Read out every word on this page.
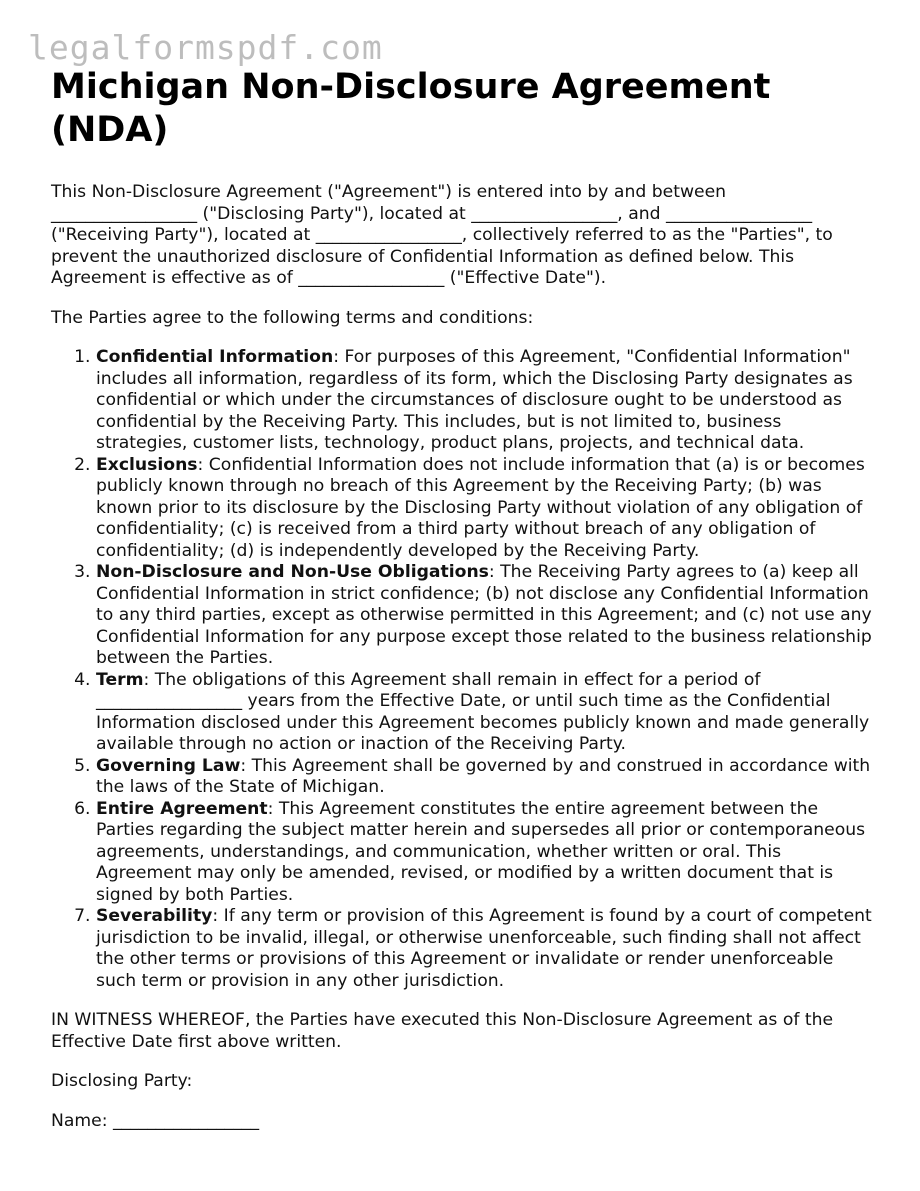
legalformspdf.com
Michigan Non-Disclosure Agreement (NDA)

This Non-Disclosure Agreement ("Agreement") is entered into by and between _________________ ("Disclosing Party"), located at _________________, and _________________ ("Receiving Party"), located at _________________, collectively referred to as the "Parties", to prevent the unauthorized disclosure of Confidential Information as defined below. This Agreement is effective as of _________________ ("Effective Date").

The Parties agree to the following terms and conditions:

1. Confidential Information: For purposes of this Agreement, "Confidential Information" includes all information, regardless of its form, which the Disclosing Party designates as confidential or which under the circumstances of disclosure ought to be understood as confidential by the Receiving Party. This includes, but is not limited to, business strategies, customer lists, technology, product plans, projects, and technical data.
2. Exclusions: Confidential Information does not include information that (a) is or becomes publicly known through no breach of this Agreement by the Receiving Party; (b) was known prior to its disclosure by the Disclosing Party without violation of any obligation of confidentiality; (c) is received from a third party without breach of any obligation of confidentiality; (d) is independently developed by the Receiving Party.
3. Non-Disclosure and Non-Use Obligations: The Receiving Party agrees to (a) keep all Confidential Information in strict confidence; (b) not disclose any Confidential Information to any third parties, except as otherwise permitted in this Agreement; and (c) not use any Confidential Information for any purpose except those related to the business relationship between the Parties.
4. Term: The obligations of this Agreement shall remain in effect for a period of _________________ years from the Effective Date, or until such time as the Confidential Information disclosed under this Agreement becomes publicly known and made generally available through no action or inaction of the Receiving Party.
5. Governing Law: This Agreement shall be governed by and construed in accordance with the laws of the State of Michigan.
6. Entire Agreement: This Agreement constitutes the entire agreement between the Parties regarding the subject matter herein and supersedes all prior or contemporaneous agreements, understandings, and communication, whether written or oral. This Agreement may only be amended, revised, or modified by a written document that is signed by both Parties.
7. Severability: If any term or provision of this Agreement is found by a court of competent jurisdiction to be invalid, illegal, or otherwise unenforceable, such finding shall not affect the other terms or provisions of this Agreement or invalidate or render unenforceable such term or provision in any other jurisdiction.

IN WITNESS WHEREOF, the Parties have executed this Non-Disclosure Agreement as of the Effective Date first above written.

Disclosing Party:

Name: _________________
